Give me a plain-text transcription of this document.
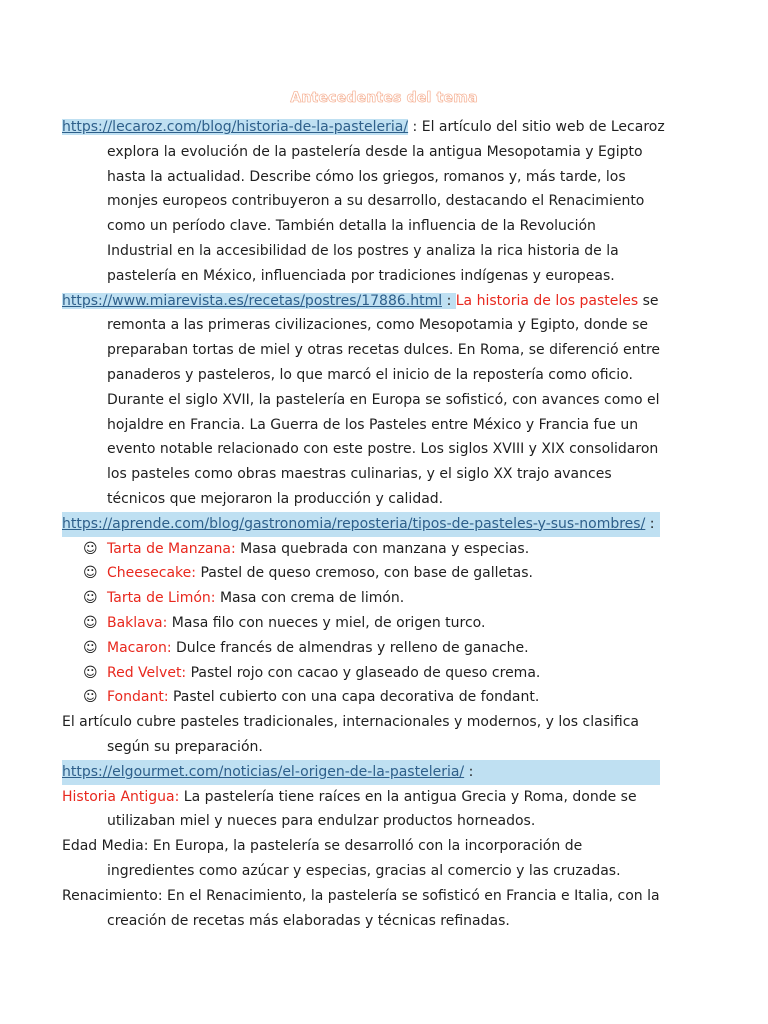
Antecedentes del tema

https://lecaroz.com/blog/historia-de-la-pasteleria/ : El artículo del sitio web de Lecaroz explora la evolución de la pastelería desde la antigua Mesopotamia y Egipto hasta la actualidad. Describe cómo los griegos, romanos y, más tarde, los monjes europeos contribuyeron a su desarrollo, destacando el Renacimiento como un período clave. También detalla la influencia de la Revolución Industrial en la accesibilidad de los postres y analiza la rica historia de la pastelería en México, influenciada por tradiciones indígenas y europeas.

https://www.miarevista.es/recetas/postres/17886.html : La historia de los pasteles se remonta a las primeras civilizaciones, como Mesopotamia y Egipto, donde se preparaban tortas de miel y otras recetas dulces. En Roma, se diferenció entre panaderos y pasteleros, lo que marcó el inicio de la repostería como oficio. Durante el siglo XVII, la pastelería en Europa se sofisticó, con avances como el hojaldre en Francia. La Guerra de los Pasteles entre México y Francia fue un evento notable relacionado con este postre. Los siglos XVIII y XIX consolidaron los pasteles como obras maestras culinarias, y el siglo XX trajo avances técnicos que mejoraron la producción y calidad.

https://aprende.com/blog/gastronomia/reposteria/tipos-de-pasteles-y-sus-nombres/ :

☺ Tarta de Manzana: Masa quebrada con manzana y especias.
☺ Cheesecake: Pastel de queso cremoso, con base de galletas.
☺ Tarta de Limón: Masa con crema de limón.
☺ Baklava: Masa filo con nueces y miel, de origen turco.
☺ Macaron: Dulce francés de almendras y relleno de ganache.
☺ Red Velvet: Pastel rojo con cacao y glaseado de queso crema.
☺ Fondant: Pastel cubierto con una capa decorativa de fondant.

El artículo cubre pasteles tradicionales, internacionales y modernos, y los clasifica según su preparación.

https://elgourmet.com/noticias/el-origen-de-la-pasteleria/ :

Historia Antigua: La pastelería tiene raíces en la antigua Grecia y Roma, donde se utilizaban miel y nueces para endulzar productos horneados.

Edad Media: En Europa, la pastelería se desarrolló con la incorporación de ingredientes como azúcar y especias, gracias al comercio y las cruzadas.

Renacimiento: En el Renacimiento, la pastelería se sofisticó en Francia e Italia, con la creación de recetas más elaboradas y técnicas refinadas.
